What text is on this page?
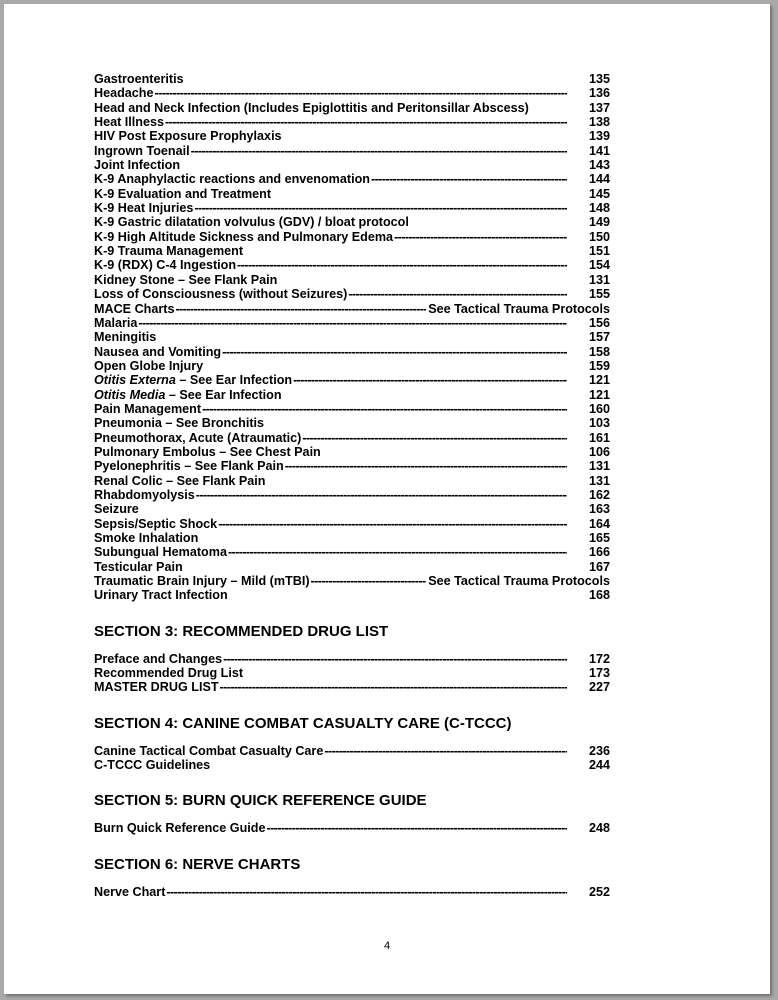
Gastroenteritis	135
Headache -----	136
Head and Neck Infection (Includes Epiglottitis and Peritonsillar Abscess)	137
Heat Illness -----	138
HIV Post Exposure Prophylaxis	139
Ingrown Toenail -----	141
Joint Infection	143
K-9 Anaphylactic reactions and envenomation -----	144
K-9 Evaluation and Treatment	145
K-9 Heat Injuries -----	148
K-9 Gastric dilatation volvulus (GDV) / bloat protocol	149
K-9 High Altitude Sickness and Pulmonary Edema -----	150
K-9 Trauma Management	151
K-9 (RDX) C-4 Ingestion -----	154
Kidney Stone – See Flank Pain	131
Loss of Consciousness (without Seizures) -----	155
MACE Charts -----	See Tactical Trauma Protocols
Malaria -----	156
Meningitis	157
Nausea and Vomiting -----	158
Open Globe Injury	159
Otitis Externa – See Ear Infection -----	121
Otitis Media – See Ear Infection	121
Pain Management -----	160
Pneumonia – See Bronchitis	103
Pneumothorax, Acute (Atraumatic) -----	161
Pulmonary Embolus – See Chest Pain	106
Pyelonephritis – See Flank Pain -----	131
Renal Colic – See Flank Pain	131
Rhabdomyolysis -----	162
Seizure	163
Sepsis/Septic Shock -----	164
Smoke Inhalation	165
Subungual Hematoma -----	166
Testicular Pain	167
Traumatic Brain Injury – Mild (mTBI) -----	See Tactical Trauma Protocols
Urinary Tract Infection	168
SECTION 3: RECOMMENDED DRUG LIST
Preface and Changes -----	172
Recommended Drug List	173
MASTER DRUG LIST -----	227
SECTION 4: CANINE COMBAT CASUALTY CARE (C-TCCC)
Canine Tactical Combat Casualty Care -----	236
C-TCCC Guidelines	244
SECTION 5: BURN QUICK REFERENCE GUIDE
Burn Quick Reference Guide -----	248
SECTION 6: NERVE CHARTS
Nerve Chart -----	252
4
